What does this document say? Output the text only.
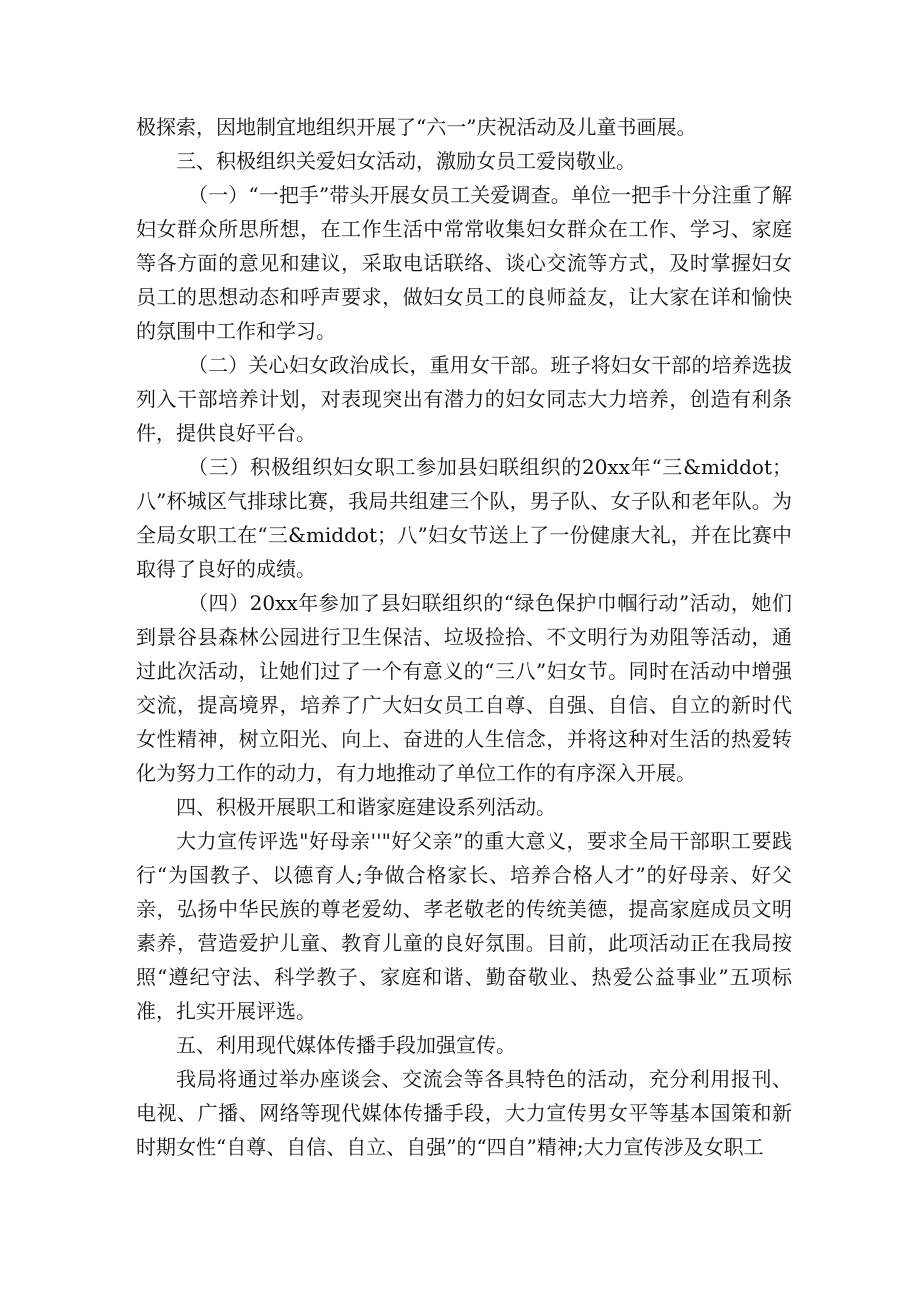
极探索，因地制宜地组织开展了“六一”庆祝活动及儿童书画展。

三、积极组织关爱妇女活动，激励女员工爱岗敬业。

（一）“一把手”带头开展女员工关爱调查。单位一把手十分注重了解妇女群众所思所想，在工作生活中常常收集妇女群众在工作、学习、家庭等各方面的意见和建议，采取电话联络、谈心交流等方式，及时掌握妇女员工的思想动态和呼声要求，做妇女员工的良师益友，让大家在详和愉快的氛围中工作和学习。

（二）关心妇女政治成长，重用女干部。班子将妇女干部的培养选拔列入干部培养计划，对表现突出有潜力的妇女同志大力培养，创造有利条件，提供良好平台。

（三）积极组织妇女职工参加县妇联组织的20xx年“三&middot；八”杯城区气排球比赛，我局共组建三个队，男子队、女子队和老年队。为全局女职工在“三&middot；八”妇女节送上了一份健康大礼，并在比赛中取得了良好的成绩。

（四）20xx年参加了县妇联组织的“绿色保护巾帼行动”活动，她们到景谷县森林公园进行卫生保洁、垃圾捡拾、不文明行为劝阻等活动，通过此次活动，让她们过了一个有意义的“三八”妇女节。同时在活动中增强交流，提高境界，培养了广大妇女员工自尊、自强、自信、自立的新时代女性精神，树立阳光、向上、奋进的人生信念，并将这种对生活的热爱转化为努力工作的动力，有力地推动了单位工作的有序深入开展。

四、积极开展职工和谐家庭建设系列活动。

大力宣传评选"好母亲''"好父亲”的重大意义，要求全局干部职工要践行“为国教子、以德育人;争做合格家长、培养合格人才”的好母亲、好父亲，弘扬中华民族的尊老爱幼、孝老敬老的传统美德，提高家庭成员文明素养，营造爱护儿童、教育儿童的良好氛围。目前，此项活动正在我局按照“遵纪守法、科学教子、家庭和谐、勤奋敬业、热爱公益事业”五项标准，扎实开展评选。

五、利用现代媒体传播手段加强宣传。

我局将通过举办座谈会、交流会等各具特色的活动，充分利用报刊、电视、广播、网络等现代媒体传播手段，大力宣传男女平等基本国策和新时期女性“自尊、自信、自立、自强”的“四自”精神;大力宣传涉及女职工
